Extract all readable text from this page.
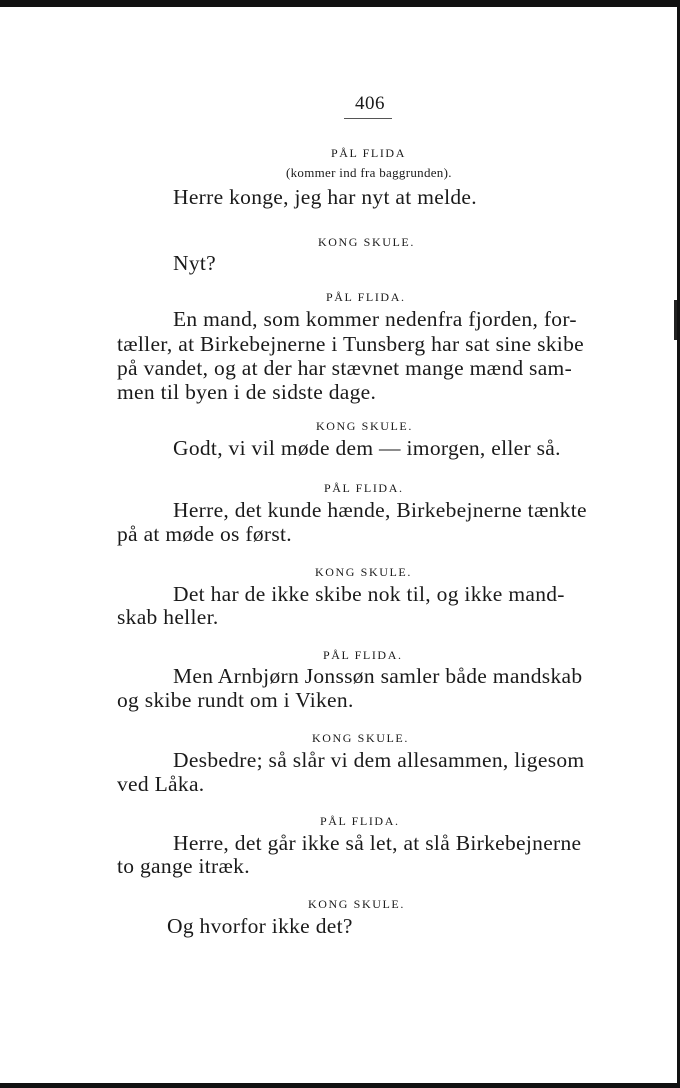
406
PÅL FLIDA
(kommer ind fra baggrunden).
Herre konge, jeg har nyt at melde.
KONG SKULE.
Nyt?
PÅL FLIDA.
En mand, som kommer nedenfra fjorden, for-
tæller, at Birkebejnerne i Tunsberg har sat sine skibe
på vandet, og at der har stævnet mange mænd sam-
men til byen i de sidste dage.
KONG SKULE.
Godt, vi vil møde dem — imorgen, eller så.
PÅL FLIDA.
Herre, det kunde hænde, Birkebejnerne tænkte
på at møde os først.
KONG SKULE.
Det har de ikke skibe nok til, og ikke mand-
skab heller.
PÅL FLIDA.
Men Arnbjørn Jonssøn samler både mandskab
og skibe rundt om i Viken.
KONG SKULE.
Desbedre; så slår vi dem allesammen, ligesom
ved Låka.
PÅL FLIDA.
Herre, det går ikke så let, at slå Birkebejnerne
to gange itræk.
KONG SKULE.
Og hvorfor ikke det?
